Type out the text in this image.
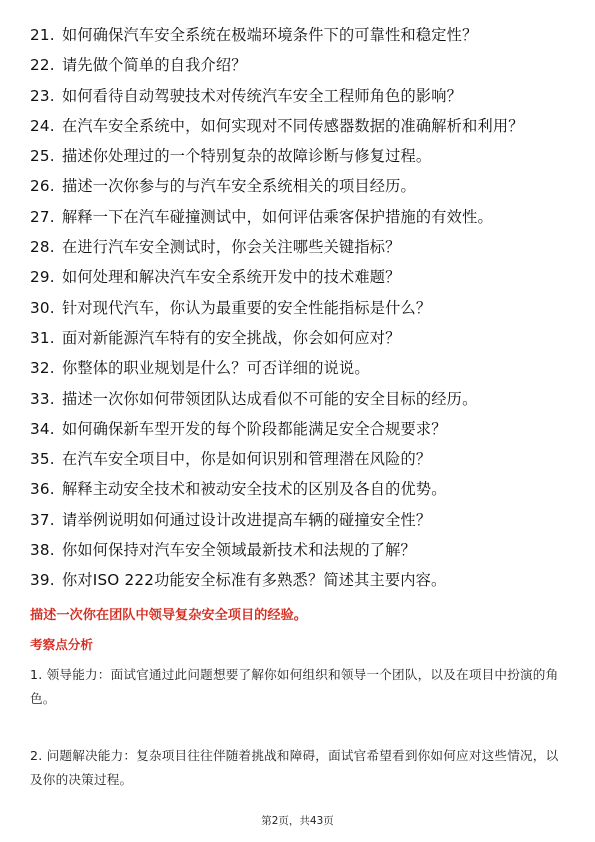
21. 如何确保汽车安全系统在极端环境条件下的可靠性和稳定性？
22. 请先做个简单的自我介绍？
23. 如何看待自动驾驶技术对传统汽车安全工程师角色的影响？
24. 在汽车安全系统中，如何实现对不同传感器数据的准确解析和利用？
25. 描述你处理过的一个特别复杂的故障诊断与修复过程。
26. 描述一次你参与的与汽车安全系统相关的项目经历。
27. 解释一下在汽车碰撞测试中，如何评估乘客保护措施的有效性。
28. 在进行汽车安全测试时，你会关注哪些关键指标？
29. 如何处理和解决汽车安全系统开发中的技术难题？
30. 针对现代汽车，你认为最重要的安全性能指标是什么？
31. 面对新能源汽车特有的安全挑战，你会如何应对？
32. 你整体的职业规划是什么？可否详细的说说。
33. 描述一次你如何带领团队达成看似不可能的安全目标的经历。
34. 如何确保新车型开发的每个阶段都能满足安全合规要求？
35. 在汽车安全项目中，你是如何识别和管理潜在风险的？
36. 解释主动安全技术和被动安全技术的区别及各自的优势。
37. 请举例说明如何通过设计改进提高车辆的碰撞安全性？
38. 你如何保持对汽车安全领域最新技术和法规的了解？
39. 你对ISO 222功能安全标准有多熟悉？简述其主要内容。
描述一次你在团队中领导复杂安全项目的经验。
考察点分析
1. 领导能力：面试官通过此问题想要了解你如何组织和领导一个团队，以及在项目中扮演的角色。
2. 问题解决能力：复杂项目往往伴随着挑战和障碍，面试官希望看到你如何应对这些情况，以及你的决策过程。
第2页，共43页
